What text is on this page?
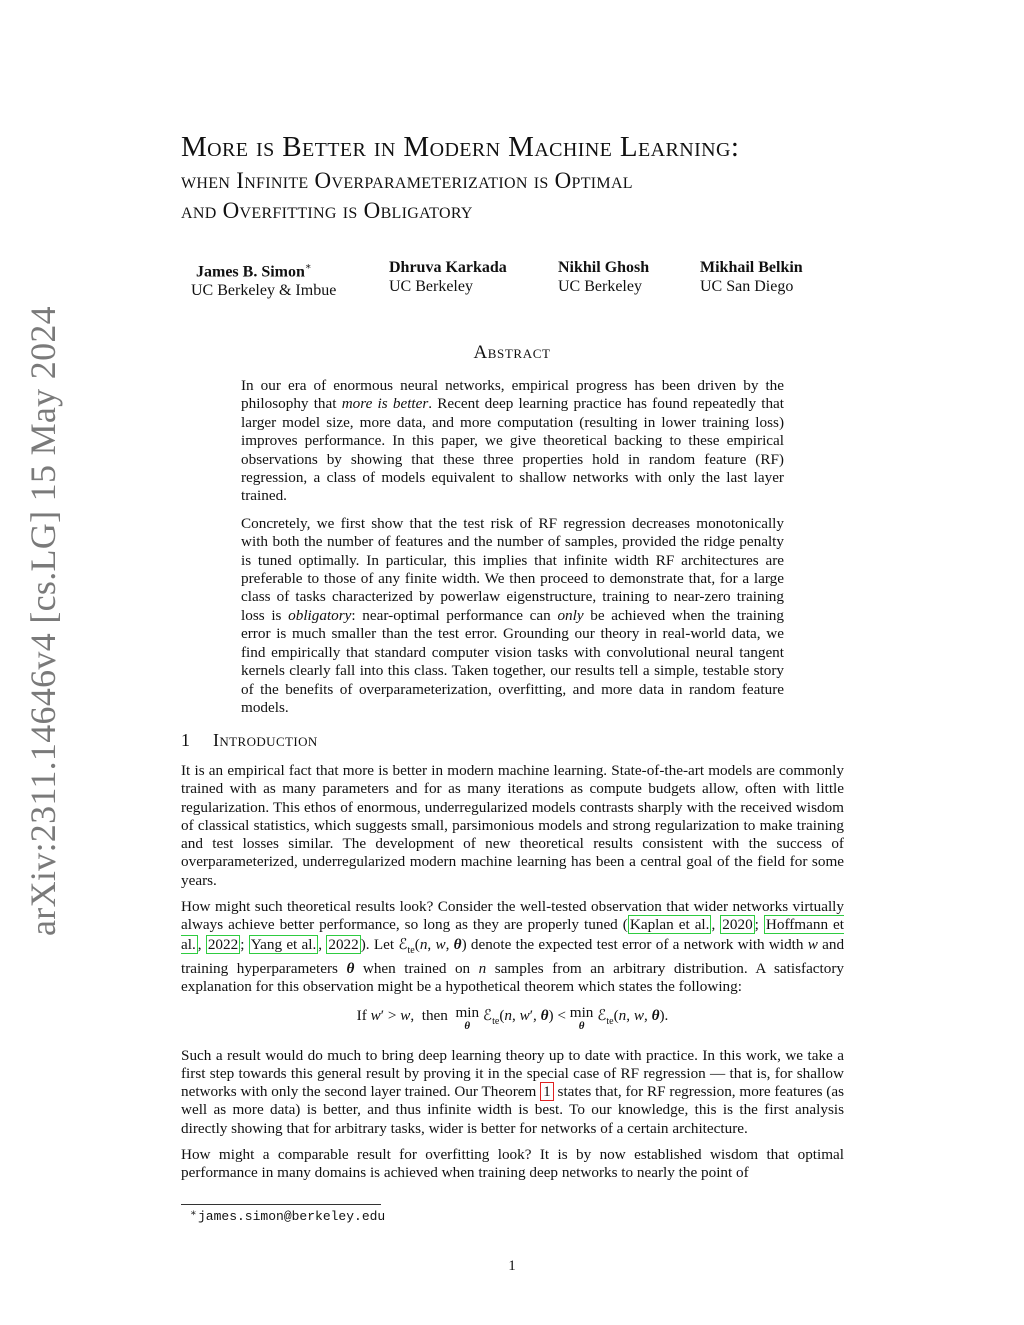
arXiv:2311.14646v4 [cs.LG] 15 May 2024
More is Better in Modern Machine Learning:
when Infinite Overparameterization is Optimal
and Overfitting is Obligatory
James B. Simon∗
UC Berkeley & Imbue
Dhruva Karkada
UC Berkeley
Nikhil Ghosh
UC Berkeley
Mikhail Belkin
UC San Diego
Abstract

In our era of enormous neural networks, empirical progress has been driven by the philosophy that more is better. Recent deep learning practice has found repeatedly that larger model size, more data, and more computation (resulting in lower training loss) improves performance. In this paper, we give theoretical backing to these empirical observations by showing that these three properties hold in random feature (RF) regression, a class of models equivalent to shallow networks with only the last layer trained.

Concretely, we first show that the test risk of RF regression decreases monotonically with both the number of features and the number of samples, provided the ridge penalty is tuned optimally. In particular, this implies that infinite width RF architectures are preferable to those of any finite width. We then proceed to demonstrate that, for a large class of tasks characterized by powerlaw eigenstructure, training to near-zero training loss is obligatory: near-optimal performance can only be achieved when the training error is much smaller than the test error. Grounding our theory in real-world data, we find empirically that standard computer vision tasks with convolutional neural tangent kernels clearly fall into this class. Taken together, our results tell a simple, testable story of the benefits of overparameterization, overfitting, and more data in random feature models.

1 Introduction

It is an empirical fact that more is better in modern machine learning. State-of-the-art models are commonly trained with as many parameters and for as many iterations as compute budgets allow, often with little regularization. This ethos of enormous, underregularized models contrasts sharply with the received wisdom of classical statistics, which suggests small, parsimonious models and strong regularization to make training and test losses similar. The development of new theoretical results consistent with the success of overparameterized, underregularized modern machine learning has been a central goal of the field for some years.

How might such theoretical results look? Consider the well-tested observation that wider networks virtually always achieve better performance, so long as they are properly tuned ( Kaplan et al. , 2020 ; Hoffmann et al. , 2022 ; Yang et al. , 2022 ). Let ℰ$_{te}$(n, w, θ) denote the expected test error of a network with width w and training hyperparameters θ when trained on n samples from an arbitrary distribution. A satisfactory explanation for this observation might be a hypothetical theorem which states the following:

If w′ > w,  then min
θ
ℰ$_{te}$(n, w′, θ) < min
θ
ℰ$_{te}$(n, w, θ).

Such a result would do much to bring deep learning theory up to date with practice. In this work, we take a first step towards this general result by proving it in the special case of RF regression — that is, for shallow networks with only the second layer trained. Our Theorem 1 states that, for RF regression, more features (as well as more data) is better, and thus infinite width is best. To our knowledge, this is the first analysis directly showing that for arbitrary tasks, wider is better for networks of a certain architecture.

How might a comparable result for overfitting look? It is by now established wisdom that optimal performance in many domains is achieved when training deep networks to nearly the point of

∗ james.simon@berkeley.edu
1
